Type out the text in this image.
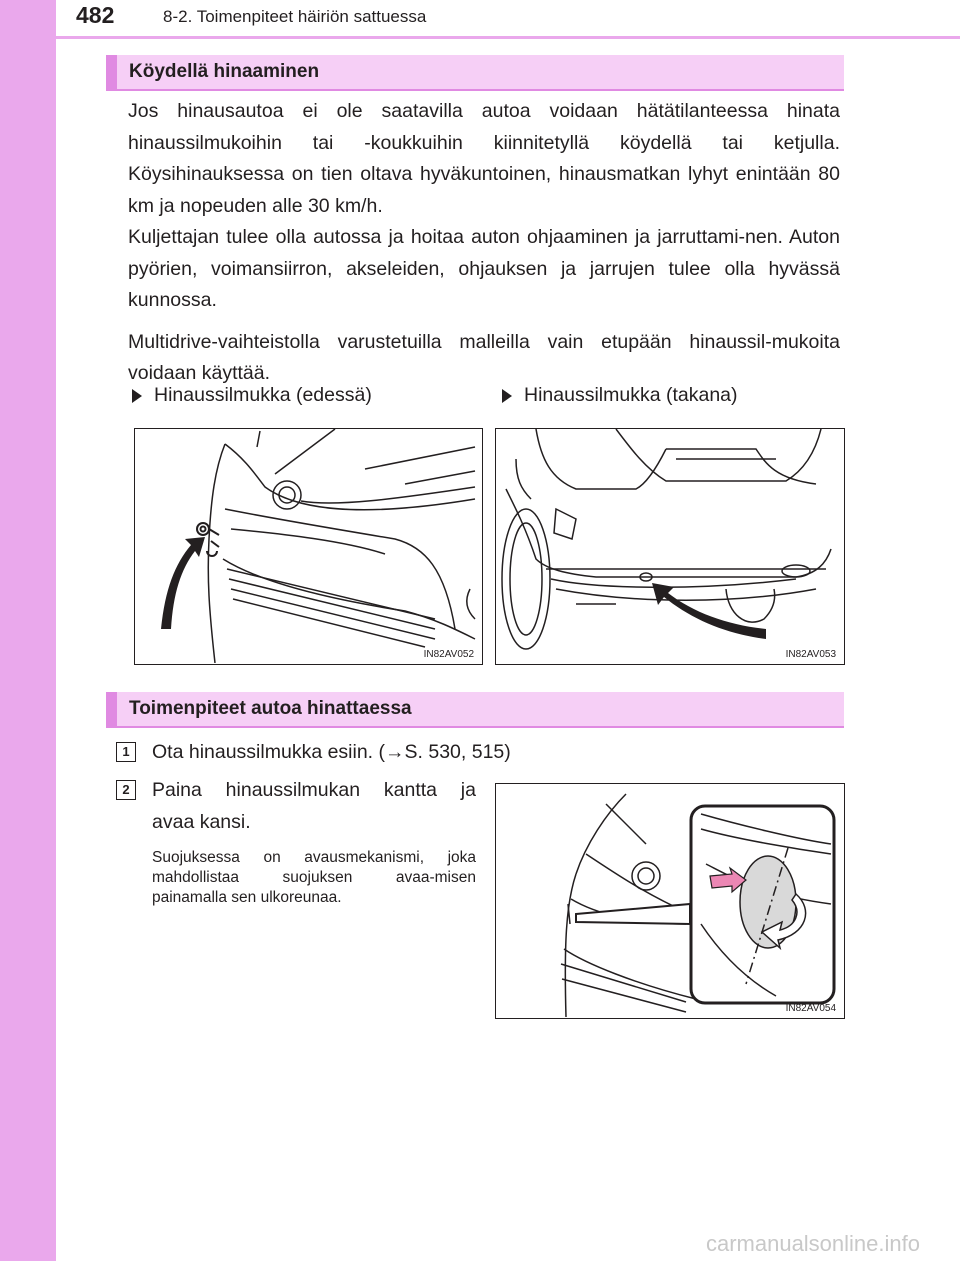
482	8-2. Toimenpiteet häiriön sattuessa
Köydellä hinaaminen

Jos hinausautoa ei ole saatavilla autoa voidaan hätätilanteessa hinata hinaussilmukoihin tai -koukkuihin kiinnitetyllä köydellä tai ketjulla. Köysihinauksessa on tien oltava hyväkuntoinen, hinausmatkan lyhyt enintään 80 km ja nopeuden alle 30 km/h.

Kuljettajan tulee olla autossa ja hoitaa auton ohjaaminen ja jarruttami-nen. Auton pyörien, voimansiirron, akseleiden, ohjauksen ja jarrujen tulee olla hyvässä kunnossa.

Multidrive-vaihteistolla varustetuilla malleilla vain etupään hinaussil-mukoita voidaan käyttää.

Hinaussilmukka (edessä)	Hinaussilmukka (takana)
IN82AV052	IN82AV053
Toimenpiteet autoa hinattaessa
1	Ota hinaussilmukka esiin. (→S. 530, 515)
2	Paina hinaussilmukan kantta ja
avaa kansi.
Suojuksessa on avausmekanismi, joka mahdollistaa suojuksen avaa-misen painamalla sen ulkoreunaa.
IN82AV054
carmanualsonline.info
